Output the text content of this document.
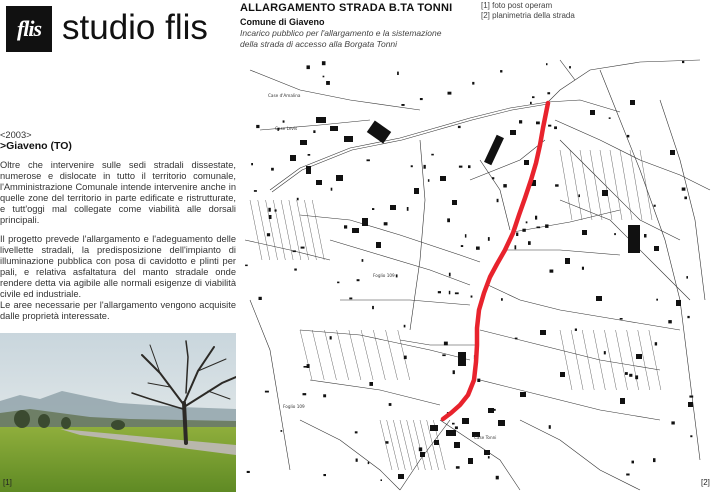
flis studio flis	ALLARGAMENTO STRADA B.TA TONNI

Comune di Giaveno

Incarico pubblico per l'allargamento e la sistemazione della strada di accesso alla Borgata Tonni

[1] foto post operam
[2] planimetria della strada

<2003>

>Giaveno (TO)

Oltre che intervenire sulle sedi stradali dissestate, numerose e dislocate in tutto il territorio comunale, l'Amministrazione Comunale intende intervenire anche in quelle zone del territorio in parte edificate e ristrutturate, e tutt'oggi mal collegate come viabilità alle dorsali principali.

Il progetto prevede l'allargamento e l'adeguamento delle livellette stradali, la predisposizione dell'impianto di illuminazione pubblica con posa di cavidotto e plinti per pali, e relativa asfaltatura del manto stradale onde rendere detta via agibile alle normali esigenze di viabilità civile ed industriale.

Le aree necessarie per l'allargamento vengono acquisite dalle proprietà interessate.

[1]
Case d'Amalina
Case Levis
Foglio 109
Foglio 109
Case Tonni
[2]
